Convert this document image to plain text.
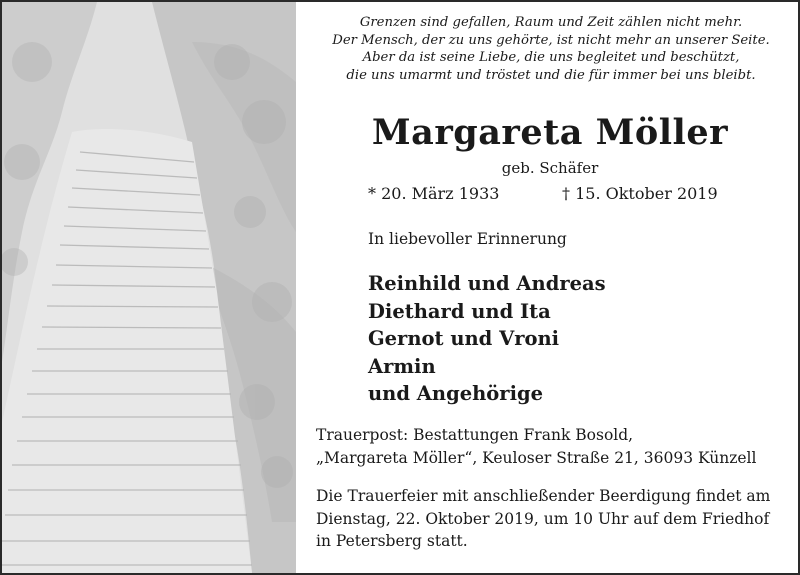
Grenzen sind gefallen, Raum und Zeit zählen nicht mehr.
Der Mensch, der zu uns gehörte, ist nicht mehr an unserer Seite.
Aber da ist seine Liebe, die uns begleitet und beschützt,
die uns umarmt und tröstet und die für immer bei uns bleibt.
Margareta Möller
geb. Schäfer
* 20. März 1933	† 15. Oktober 2019
In liebevoller Erinnerung
Reinhild und Andreas
Diethard und Ita
Gernot und Vroni
Armin
und Angehörige
Trauerpost: Bestattungen Frank Bosold,
„Margareta Möller“, Keuloser Straße 21, 36093 Künzell
Die Trauerfeier mit anschließender Beerdigung findet am
Dienstag, 22. Oktober 2019, um 10 Uhr auf dem Friedhof
in Petersberg statt.
